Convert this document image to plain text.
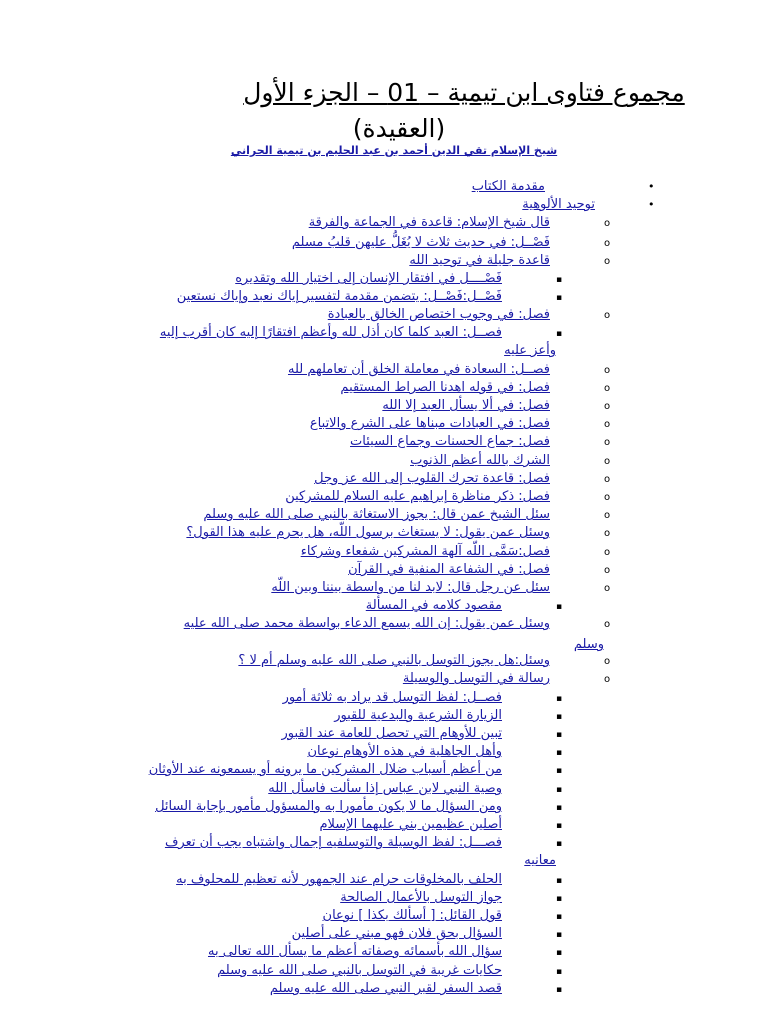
مجموع فتاوى ابن تيمية – 01 – الجزء الأول
(العقيدة)
شيخ الإسلام تقي الدين أحمد بن عبد الحليم بن تيمية الحراني
•
مقدمة الكتاب
•
توحيد الألوهية
o
قال شيخ الإسلام: قاعدة في الجماعة والفرقة
o
فَصْــل: في حديث ثلاث لا يُغَلُّ عليهن قلبُ مسلم
o
قاعدة جليلة في توحيد الله
▪
فَصْــــل في افتقار الإنسان إلى اختيار الله وتقديره
▪
فَصْــل:فَصْــل: يتضمن مقدمة لتفسير إياك نعبد وإياك نستعين
o
فصل: في وجوب اختصاص الخالق بالعبادة
▪
فصــل: العبد كلما كان أذل لله وأعظم افتقارًا إليه كان أقرب إليه
وأعز عليه
o
فصــل: السعادة في معاملة الخلق أن تعاملهم لله
o
فصل: في قوله اهدنا الصراط المستقيم
o
فصل: في ألا يسأل العبد إلا الله
o
فصل: في العبادات مبناها على الشرع والاتباع
o
فصل: جماع الحسنات وجماع السيئات
o
الشرك بالله أعظم الذنوب
o
فصل: قاعدة تحرك القلوب إلى الله عز وجل
o
فصل: ذكر مناظرة إبراهيم عليه السلام للمشركين
o
سئل الشيخ عمن قال: يجوز الاستغاثة بالنبي صلى الله عليه وسلم
o
وسئل عمن يقول: لا يستغاث برسول اللّه، هل يحرم عليه هذا القول؟
o
فصل:سَمَّى اللّه آلهة المشركين شفعاء وشركاء
o
فصل: في الشفاعة المنفية في القرآن
o
سئل عن رجل قال: لابد لنا من واسطة بيننا وبين اللّه
▪
مقصود كلامه في المسألة
o
وسئل عمن يقول: إن الله يسمع الدعاء بواسطة محمد صلى الله عليه
وسلم
o
وسئل:هل يجوز التوسل بالنبي صلى الله عليه وسلم أم لا ؟
o
رسالة في التوسل والوسيلة
▪
فصــل: لفظ التوسل قد يراد به ثلاثة أمور
▪
الزيارة الشرعية والبدعية للقبور
▪
تبين للأوهام التي تحصل للعامة عند القبور
▪
وأهل الجاهلية في هذه الأوهام نوعان
▪
من أعظم أسباب ضلال المشركين ما يرونه أو يسمعونه عند الأوثان
▪
وصية النبي لابن عباس إذا سألت فاسأل الله
▪
ومن السؤال ما لا يكون مأمورا به والمسؤول مأمور بإجابة السائل
▪
أصلين عظيمين بني عليهما الإسلام
▪
فصـــل: لفظ الوسيلة والتوسلفيه إجمال واشتباه يجب أن تعرف
معانيه
▪
الحلف بالمخلوقات حرام عند الجمهور لأنه تعظيم للمحلوف به
▪
جواز التوسل بالأعمال الصالحة
▪
قول القائل: [ أسألك بكذا ] نوعان
▪
السؤال بحق فلان فهو مبني على أصلين
▪
سؤال الله بأسمائه وصفاته أعظم ما يسأل الله تعالى به
▪
حكايات غريبة في التوسل بالنبي صلى الله عليه وسلم
▪
قصد السفر لقبر النبي صلى الله عليه وسلم
